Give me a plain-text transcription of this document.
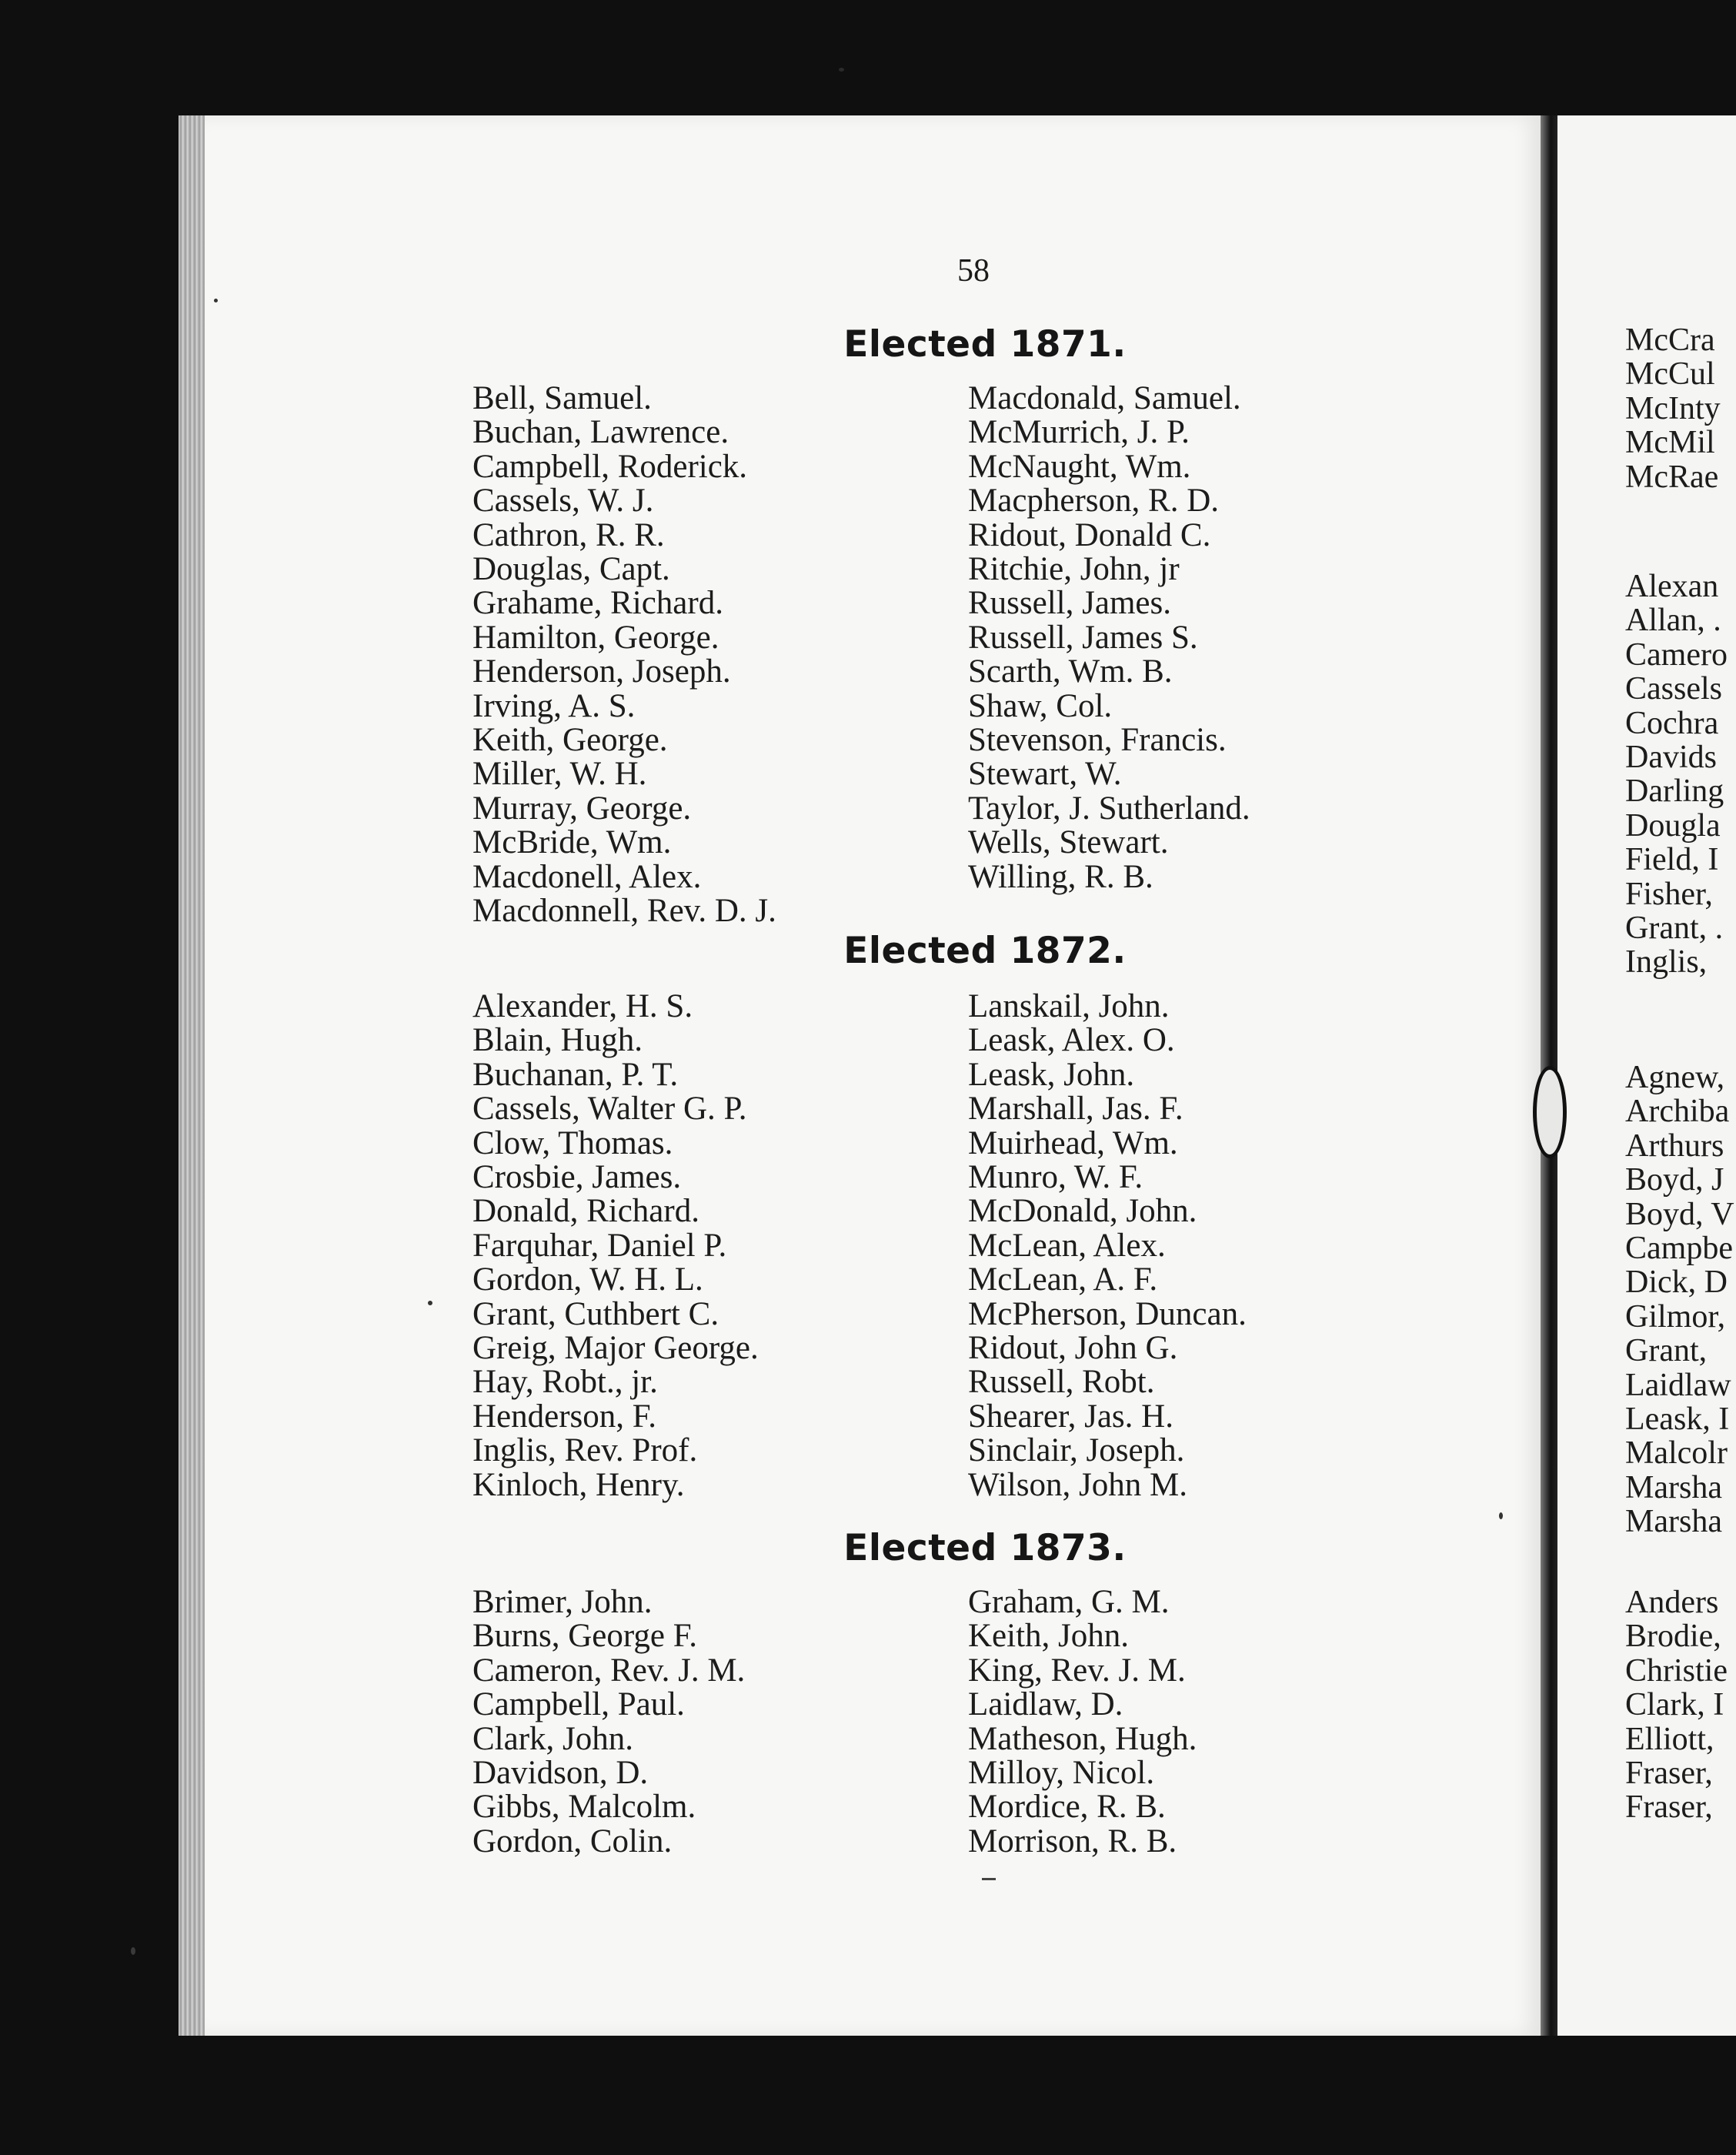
58
Elected 1871.
Bell, Samuel.
Buchan, Lawrence.
Campbell, Roderick.
Cassels, W. J.
Cathron, R. R.
Douglas, Capt.
Grahame, Richard.
Hamilton, George.
Henderson, Joseph.
Irving, A. S.
Keith, George.
Miller, W. H.
Murray, George.
McBride, Wm.
Macdonell, Alex.
Macdonnell, Rev. D. J.
Macdonald, Samuel.
McMurrich, J. P.
McNaught, Wm.
Macpherson, R. D.
Ridout, Donald C.
Ritchie, John, jr
Russell, James.
Russell, James S.
Scarth, Wm. B.
Shaw, Col.
Stevenson, Francis.
Stewart, W.
Taylor, J. Sutherland.
Wells, Stewart.
Willing, R. B.
Elected 1872.
Alexander, H. S.
Blain, Hugh.
Buchanan, P. T.
Cassels, Walter G. P.
Clow, Thomas.
Crosbie, James.
Donald, Richard.
Farquhar, Daniel P.
Gordon, W. H. L.
Grant, Cuthbert C.
Greig, Major George.
Hay, Robt., jr.
Henderson, F.
Inglis, Rev. Prof.
Kinloch, Henry.
Lanskail, John.
Leask, Alex. O.
Leask, John.
Marshall, Jas. F.
Muirhead, Wm.
Munro, W. F.
McDonald, John.
McLean, Alex.
McLean, A. F.
McPherson, Duncan.
Ridout, John G.
Russell, Robt.
Shearer, Jas. H.
Sinclair, Joseph.
Wilson, John M.
Elected 1873.
Brimer, John.
Burns, George F.
Cameron, Rev. J. M.
Campbell, Paul.
Clark, John.
Davidson, D.
Gibbs, Malcolm.
Gordon, Colin.
Graham, G. M.
Keith, John.
King, Rev. J. M.
Laidlaw, D.
Matheson, Hugh.
Milloy, Nicol.
Mordice, R. B.
Morrison, R. B.
McCra
McCul
McInty
McMil
McRae
Alexan
Allan, .
Camero
Cassels
Cochra
Davids
Darling
Dougla
Field, I
Fisher,
Grant, .
Inglis,
Agnew,
Archiba
Arthurs
Boyd, J
Boyd, V
Campbe
Dick, D
Gilmor,
Grant,
Laidlaw
Leask, I
Malcolr
Marsha
Marsha
Anders
Brodie,
Christie
Clark, I
Elliott,
Fraser,
Fraser,
